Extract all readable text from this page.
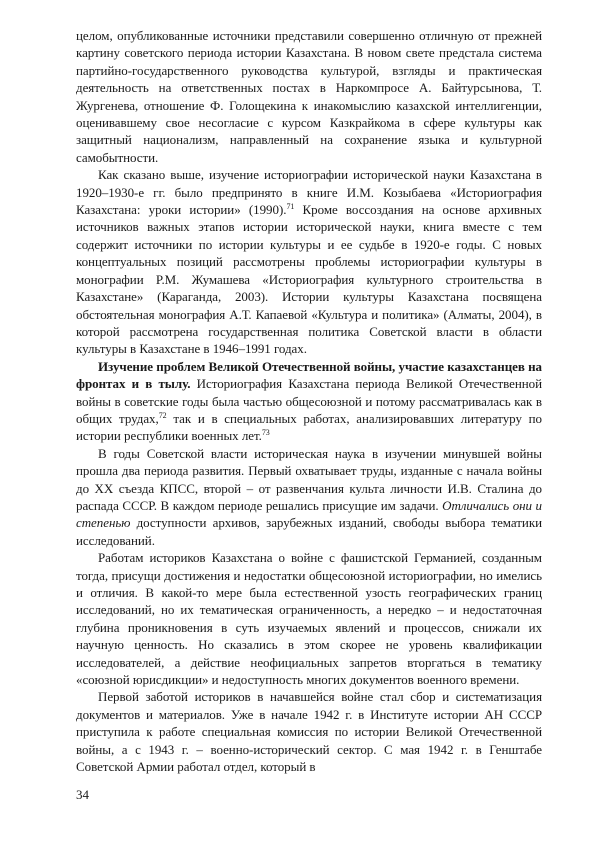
целом, опубликованные источники представили совершенно отличную от прежней картину советского периода истории Казахстана. В новом свете предстала система партийно-государственного руководства культурой, взгляды и практическая деятельность на ответственных постах в Наркомпросе А. Байтурсынова, Т. Жургенева, отношение Ф. Голощекина к инакомыслию казахской интеллигенции, оценивавшему свое несогласие с курсом Казкрайкома в сфере культуры как защитный национализм, направленный на сохранение языка и культурной самобытности.

Как сказано выше, изучение историографии исторической науки Казахстана в 1920–1930-е гг. было предпринято в книге И.М. Козыбаева «Историография Казахстана: уроки истории» (1990).$^{71}$ Кроме воссоздания на основе архивных источников важных этапов истории исторической науки, книга вместе с тем содержит источники по истории культуры и ее судьбе в 1920-е годы. С новых концептуальных позиций рассмотрены проблемы историографии культуры в монографии Р.М. Жумашева «Историография культурного строительства в Казахстане» (Караганда, 2003). Истории культуры Казахстана посвящена обстоятельная монография А.Т. Капаевой «Культура и политика» (Алматы, 2004), в которой рассмотрена государственная политика Советской власти в области культуры в Казахстане в 1946–1991 годах.

Изучение проблем Великой Отечественной войны, участие казахстанцев на фронтах и в тылу. Историография Казахстана периода Великой Отечественной войны в советские годы была частью общесоюзной и потому рассматривалась как в общих трудах,$^{72}$ так и в специальных работах, анализировавших литературу по истории республики военных лет.$^{73}$

В годы Советской власти историческая наука в изучении минувшей войны прошла два периода развития. Первый охватывает труды, изданные с начала войны до XX съезда КПСС, второй – от развенчания культа личности И.В. Сталина до распада СССР. В каждом периоде решались присущие им задачи. Отличались они и степенью доступности архивов, зарубежных изданий, свободы выбора тематики исследований.

Работам историков Казахстана о войне с фашистской Германией, созданным тогда, присущи достижения и недостатки общесоюзной историографии, но имелись и отличия. В какой-то мере была естественной узость географических границ исследований, но их тематическая ограниченность, а нередко – и недостаточная глубина проникновения в суть изучаемых явлений и процессов, снижали их научную ценность. Но сказались в этом скорее не уровень квалификации исследователей, а действие неофициальных запретов вторгаться в тематику «союзной юрисдикции» и недоступность многих документов военного времени.

Первой заботой историков в начавшейся войне стал сбор и систематизация документов и материалов. Уже в начале 1942 г. в Институте истории АН СССР приступила к работе специальная комиссия по истории Великой Отечественной войны, а с 1943 г. – военно-исторический сектор. С мая 1942 г. в Генштабе Советской Армии работал отдел, который в

34
